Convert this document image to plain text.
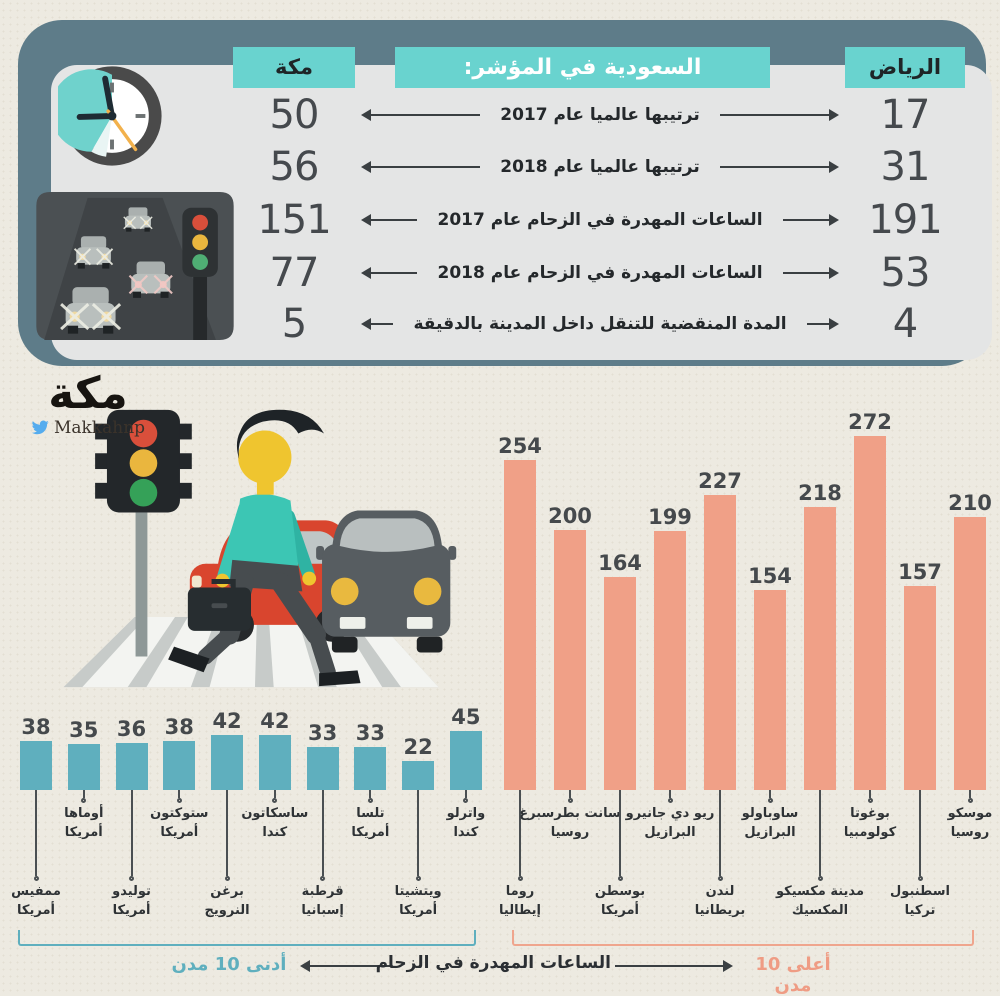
مكة	السعودية في المؤشر:	الرياض
50	ترتيبها عالميا عام 2017	17
56	ترتيبها عالميا عام 2018	31
151	الساعات المهدرة في الزحام عام 2017	191
77	الساعات المهدرة في الزحام عام 2018	53
5	المدة المنقضية للتنقل داخل المدينة بالدقيقة	4
مكة
Makkahnp
254
روما
إيطاليا
200
سانت بطرسبرغ
روسيا
164
بوسطن
أمريكا
199
ريو دي جانيرو
البرازيل
227
لندن
بريطانيا
154
ساوباولو
البرازيل
218
مدينة مكسيكو
المكسيك
272
بوغوتا
كولومبيا
157
اسطنبول
تركيا
210
موسكو
روسيا
38
ممفيس
أمريكا
35
أوماها
أمريكا
36
توليدو
أمريكا
38
ستوكتون
أمريكا
42
برغن
النرويج
42
ساسكاتون
كندا
33
قرطبة
إسبانيا
33
تلسا
أمريكا
22
ويتشيتا
أمريكا
45
واترلو
كندا
أدنى 10 مدن	الساعات المهدرة في الزحام	أعلى 10 مدن
